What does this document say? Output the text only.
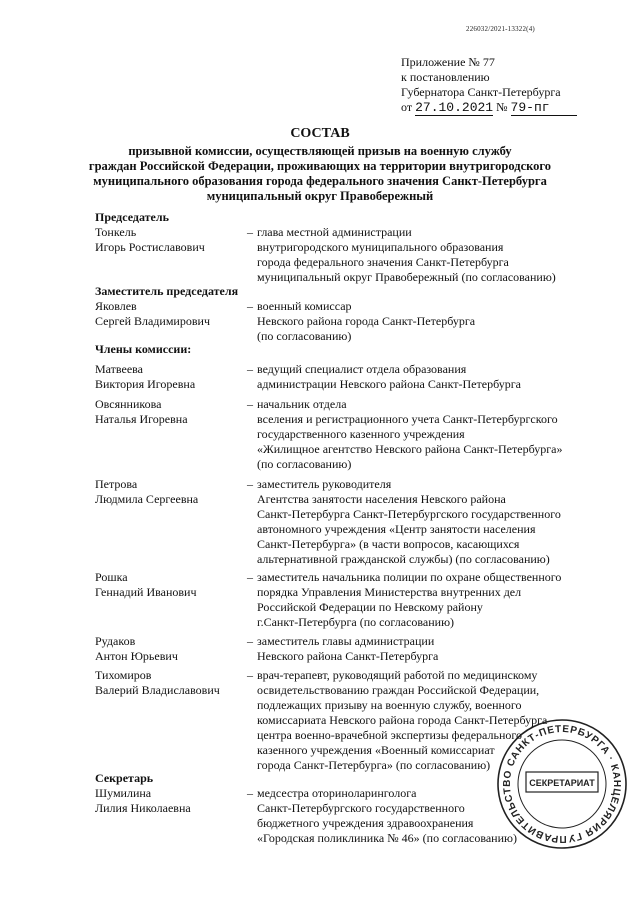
226032/2021-13322(4)
Приложение № 77
к постановлению
Губернатора Санкт-Петербурга
от 27.10.2021 № 79-пг
СОСТАВ
призывной комиссии, осуществляющей призыв на военную службу
граждан Российской Федерации, проживающих на территории внутригородского
муниципального образования города федерального значения Санкт-Петербурга
муниципальный округ Правобережный
Председатель
Тонкель
Игорь Ростиславович
– глава местной администрации
внутригородского муниципального образования
города федерального значения Санкт-Петербурга
муниципальный округ Правобережный (по согласованию)
Заместитель председателя
Яковлев
Сергей Владимирович
– военный комиссар
Невского района города Санкт-Петербурга
(по согласованию)
Члены комиссии:
Матвеева
Виктория Игоревна
– ведущий специалист отдела образования
администрации Невского района Санкт-Петербурга
Овсянникова
Наталья Игоревна
– начальник отдела
вселения и регистрационного учета Санкт-Петербургского
государственного казенного учреждения
«Жилищное агентство Невского района Санкт-Петербурга»
(по согласованию)
Петрова
Людмила Сергеевна
– заместитель руководителя
Агентства занятости населения Невского района
Санкт-Петербурга Санкт-Петербургского государственного
автономного учреждения «Центр занятости населения
Санкт-Петербурга» (в части вопросов, касающихся
альтернативной гражданской службы) (по согласованию)
Рошка
Геннадий Иванович
– заместитель начальника полиции по охране общественного
порядка Управления Министерства внутренних дел
Российской Федерации по Невскому району
г.Санкт-Петербурга (по согласованию)
Рудаков
Антон Юрьевич
– заместитель главы администрации
Невского района Санкт-Петербурга
Тихомиров
Валерий Владиславович
– врач-терапевт, руководящий работой по медицинскому
освидетельствованию граждан Российской Федерации,
подлежащих призыву на военную службу, военного
комиссариата Невского района города Санкт-Петербурга
центра военно-врачебной экспертизы федерального
казенного учреждения «Военный комиссариат
города Санкт-Петербурга» (по согласованию)
Секретарь
Шумилина
Лилия Николаевна
– медсестра оториноларинголога
Санкт-Петербургского государственного
бюджетного учреждения здравоохранения
«Городская поликлиника № 46» (по согласованию)	ПРАВИТЕЛЬСТВО САНКТ-ПЕТЕРБУРГА · КАНЦЕЛЯРИЯ ГУБЕРНАТОРА
СЕКРЕТАРИАТ
